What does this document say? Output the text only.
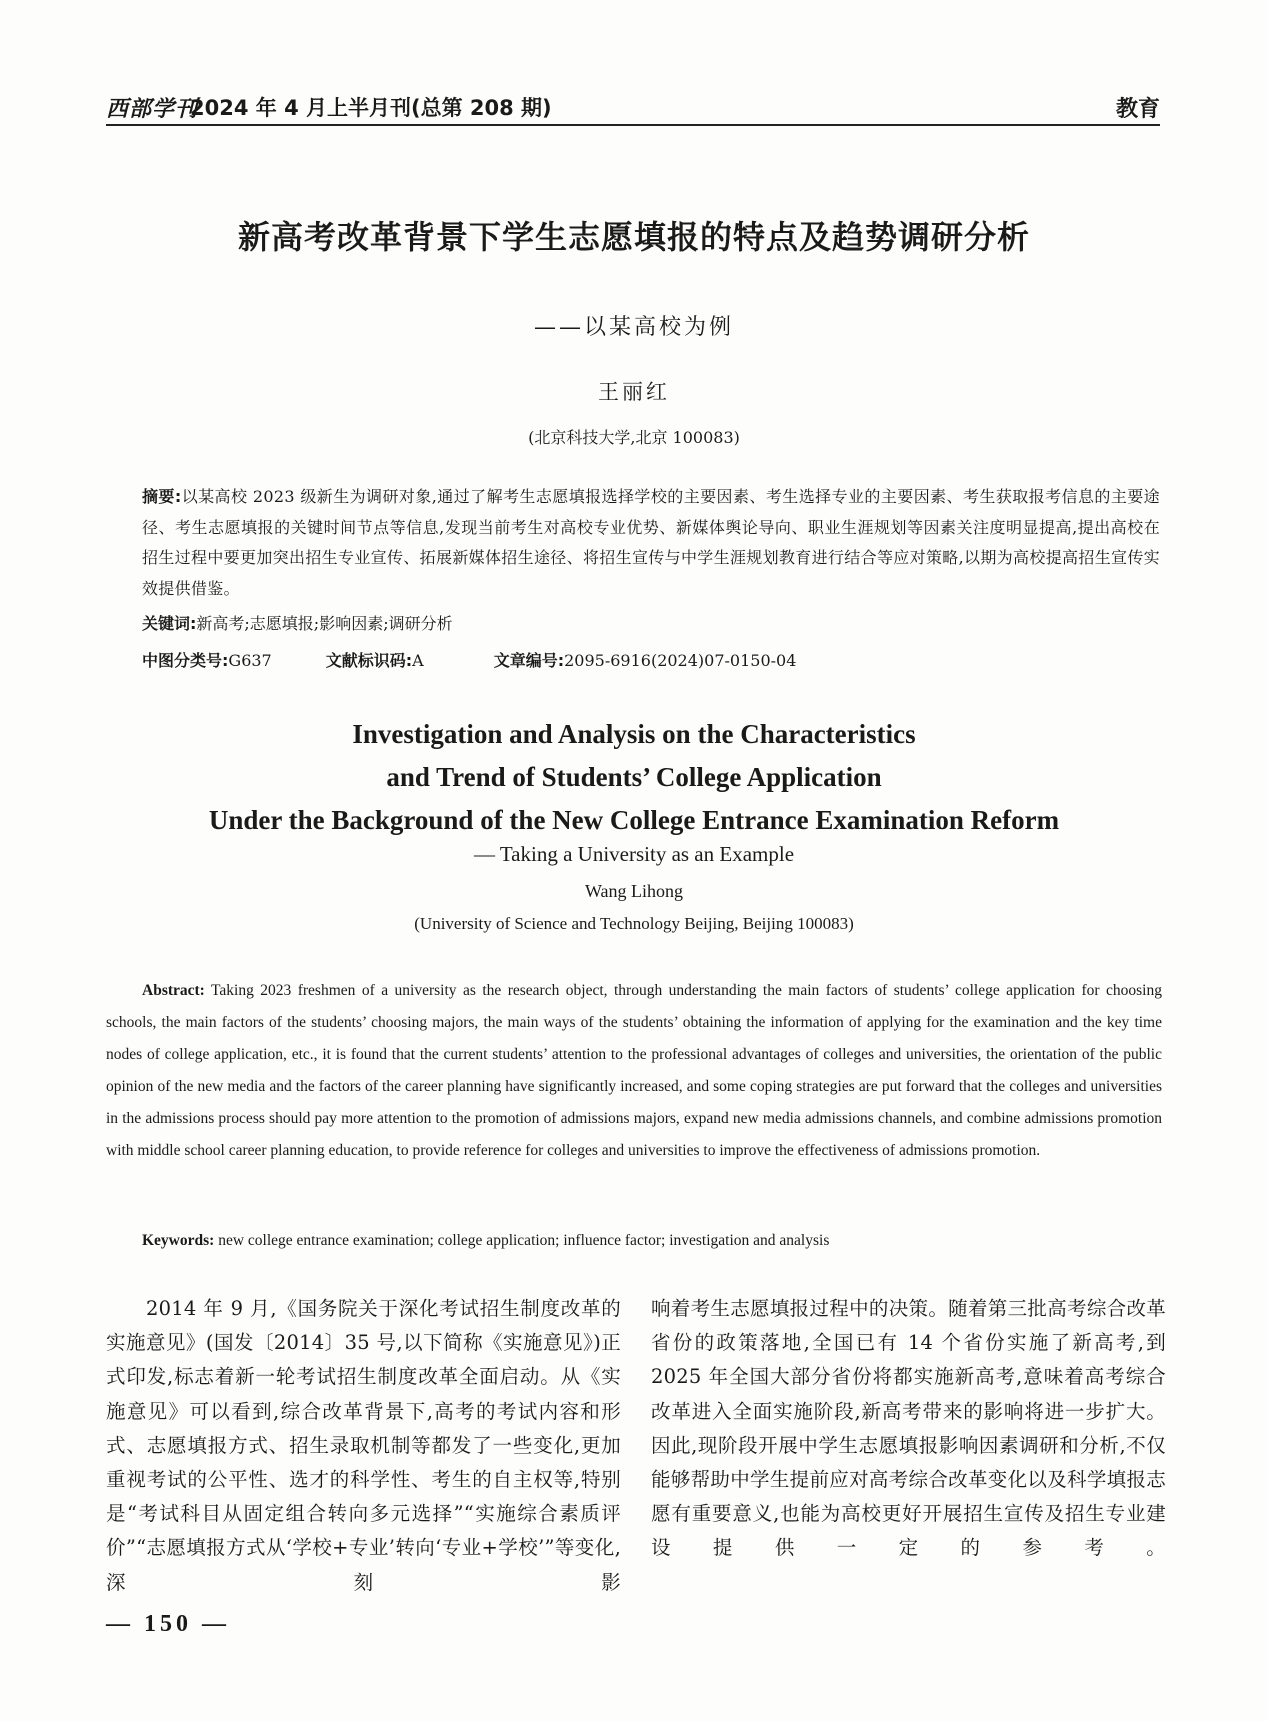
西部学刊
2024 年 4 月上半月刊(总第 208 期)	教育
新高考改革背景下学生志愿填报的特点及趋势调研分析
——以某高校为例
王丽红
(北京科技大学,北京 100083)
摘要:以某高校 2023 级新生为调研对象,通过了解考生志愿填报选择学校的主要因素、考生选择专业的主要因素、考生获取报考信息的主要途径、考生志愿填报的关键时间节点等信息,发现当前考生对高校专业优势、新媒体舆论导向、职业生涯规划等因素关注度明显提高,提出高校在招生过程中要更加突出招生专业宣传、拓展新媒体招生途径、将招生宣传与中学生涯规划教育进行结合等应对策略,以期为高校提高招生宣传实效提供借鉴。
关键词:新高考;志愿填报;影响因素;调研分析
中图分类号:G637	文献标识码:A	文章编号:2095-6916(2024)07-0150-04
Investigation and Analysis on the Characteristics
and Trend of Students’ College Application
Under the Background of the New College Entrance Examination Reform
— Taking a University as an Example
Wang Lihong
(University of Science and Technology Beijing, Beijing 100083)
Abstract: Taking 2023 freshmen of a university as the research object, through understanding the main factors of students’ college application for choosing schools, the main factors of the students’ choosing majors, the main ways of the students’ obtaining the information of applying for the examination and the key time nodes of college application, etc., it is found that the current students’ attention to the professional advantages of colleges and universities, the orientation of the public opinion of the new media and the factors of the career planning have significantly increased, and some coping strategies are put forward that the colleges and universities in the admissions process should pay more attention to the promotion of admissions majors, expand new media admissions channels, and combine admissions promotion with middle school career planning education, to provide reference for colleges and universities to improve the effectiveness of admissions promotion.
Keywords: new college entrance examination; college application; influence factor; investigation and analysis
2014 年 9 月,《国务院关于深化考试招生制度改革的实施意见》(国发〔2014〕35 号,以下简称《实施意见》)正式印发,标志着新一轮考试招生制度改革全面启动。从《实施意见》可以看到,综合改革背景下,高考的考试内容和形式、志愿填报方式、招生录取机制等都发了一些变化,更加重视考试的公平性、选才的科学性、考生的自主权等,特别是“考试科目从固定组合转向多元选择”“实施综合素质评价”“志愿填报方式从‘学校+专业’转向‘专业+学校’”等变化,深刻影
响着考生志愿填报过程中的决策。随着第三批高考综合改革省份的政策落地,全国已有 14 个省份实施了新高考,到 2025 年全国大部分省份将都实施新高考,意味着高考综合改革进入全面实施阶段,新高考带来的影响将进一步扩大。因此,现阶段开展中学生志愿填报影响因素调研和分析,不仅能够帮助中学生提前应对高考综合改革变化以及科学填报志愿有重要意义,也能为高校更好开展招生宣传及招生专业建设提供一定的参考。
— 150 —
